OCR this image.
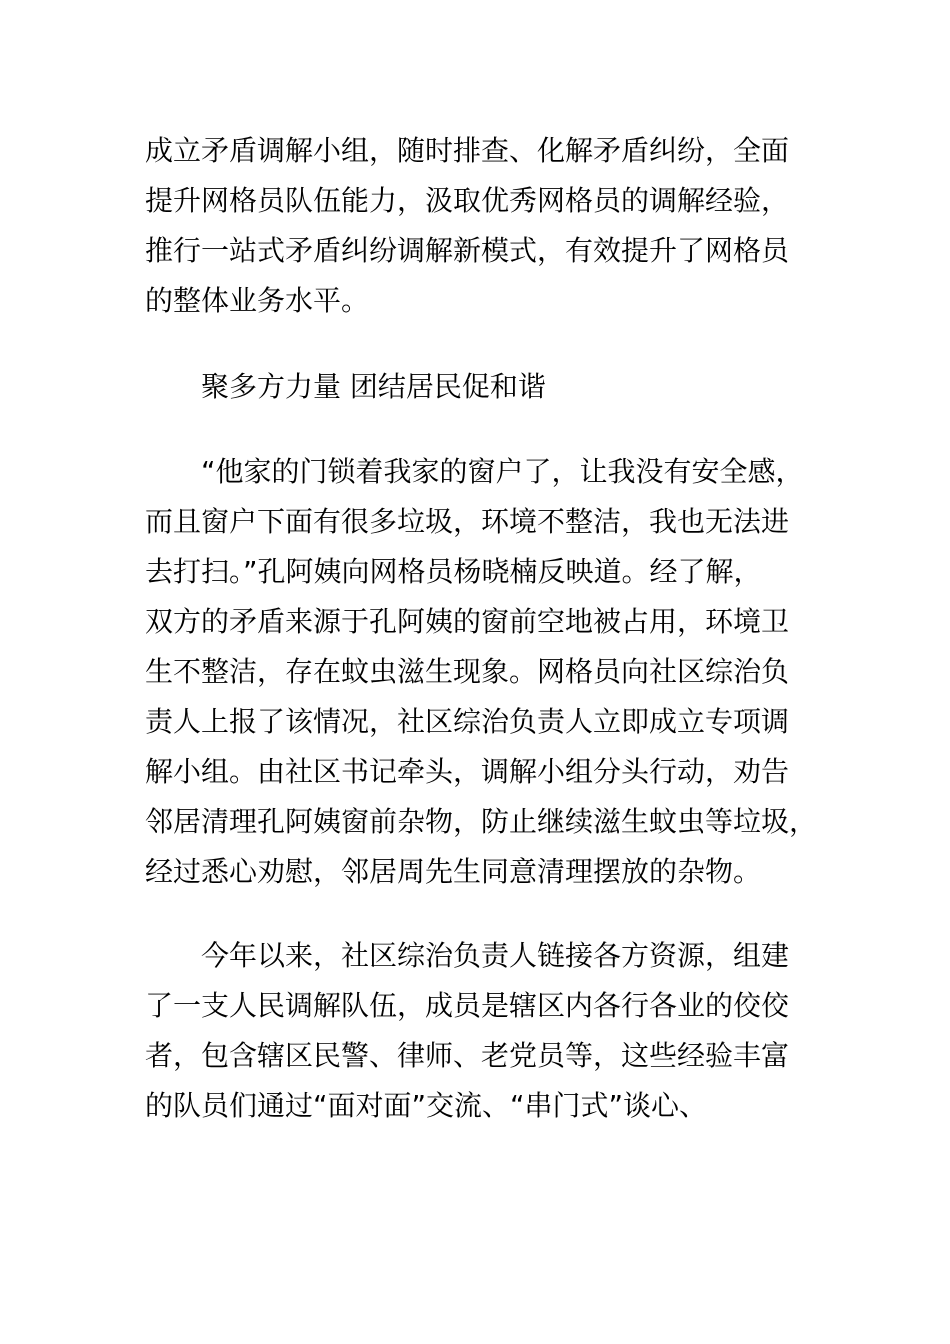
成立矛盾调解小组，随时排查、化解矛盾纠纷，全面
提升网格员队伍能力，汲取优秀网格员的调解经验，
推行一站式矛盾纠纷调解新模式，有效提升了网格员
的整体业务水平。
聚多方力量 团结居民促和谐
“他家的门锁着我家的窗户了，让我没有安全感，
而且窗户下面有很多垃圾，环境不整洁，我也无法进
去打扫。”孔阿姨向网格员杨晓楠反映道。经了解，
双方的矛盾来源于孔阿姨的窗前空地被占用，环境卫
生不整洁，存在蚊虫滋生现象。网格员向社区综治负
责人上报了该情况，社区综治负责人立即成立专项调
解小组。由社区书记牵头，调解小组分头行动，劝告
邻居清理孔阿姨窗前杂物，防止继续滋生蚊虫等垃圾，
经过悉心劝慰，邻居周先生同意清理摆放的杂物。
今年以来，社区综治负责人链接各方资源，组建
了一支人民调解队伍，成员是辖区内各行各业的佼佼
者，包含辖区民警、律师、老党员等，这些经验丰富
的队员们通过“面对面”交流、“串门式”谈心、
